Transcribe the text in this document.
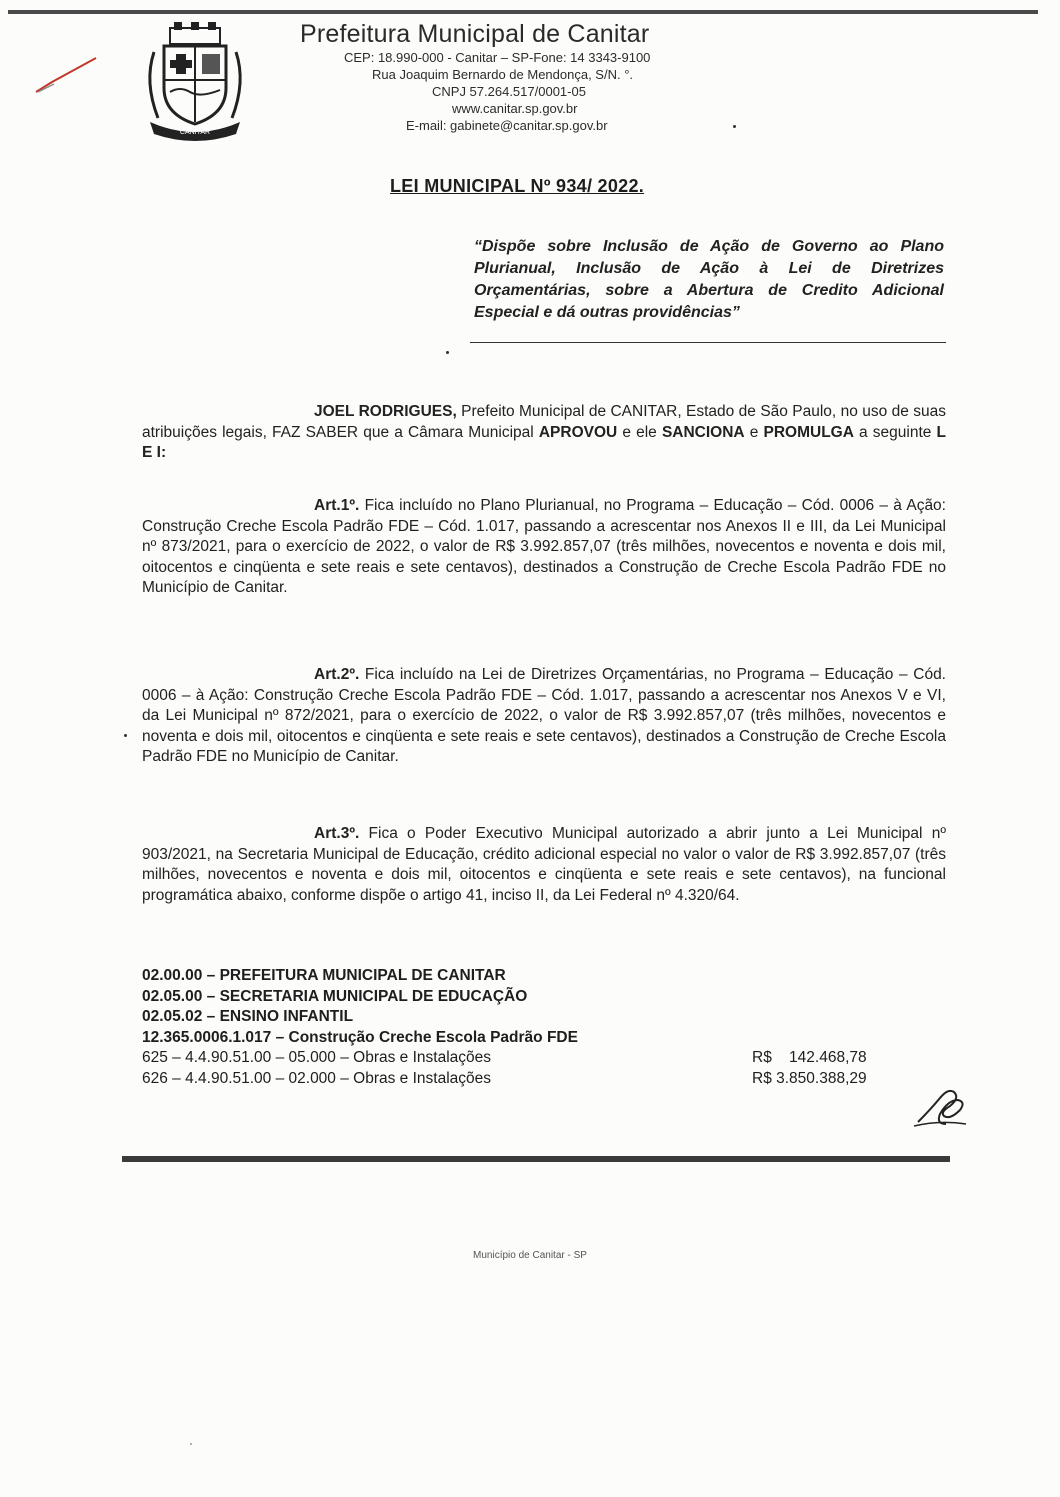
CANITAR
Prefeitura Municipal de Canitar
CEP: 18.990-000 - Canitar – SP-Fone: 14 3343-9100
Rua Joaquim Bernardo de Mendonça, S/N. °.
CNPJ 57.264.517/0001-05
www.canitar.sp.gov.br
E-mail: gabinete@canitar.sp.gov.br
LEI MUNICIPAL Nº 934/ 2022.
“Dispõe sobre Inclusão de Ação de Governo ao Plano Plurianual, Inclusão de Ação à Lei de Diretrizes Orçamentárias, sobre a Abertura de Credito Adicional Especial e dá outras providências”
JOEL RODRIGUES, Prefeito Municipal de CANITAR, Estado de São Paulo, no uso de suas atribuições legais, FAZ SABER que a Câmara Municipal APROVOU e ele SANCIONA e PROMULGA a seguinte L E I:
Art.1º. Fica incluído no Plano Plurianual, no Programa – Educação – Cód. 0006 – à Ação: Construção Creche Escola Padrão FDE – Cód. 1.017, passando a acrescentar nos Anexos II e III, da Lei Municipal nº 873/2021, para o exercício de 2022, o valor de R$ 3.992.857,07 (três milhões, novecentos e noventa e dois mil, oitocentos e cinqüenta e sete reais e sete centavos), destinados a Construção de Creche Escola Padrão FDE no Município de Canitar.
Art.2º. Fica incluído na Lei de Diretrizes Orçamentárias, no Programa – Educação – Cód. 0006 – à Ação: Construção Creche Escola Padrão FDE – Cód. 1.017, passando a acrescentar nos Anexos V e VI, da Lei Municipal nº 872/2021, para o exercício de 2022, o valor de R$ 3.992.857,07 (três milhões, novecentos e noventa e dois mil, oitocentos e cinqüenta e sete reais e sete centavos), destinados a Construção de Creche Escola Padrão FDE no Município de Canitar.
Art.3º. Fica o Poder Executivo Municipal autorizado a abrir junto a Lei Municipal nº 903/2021, na Secretaria Municipal de Educação, crédito adicional especial no valor o valor de R$ 3.992.857,07 (três milhões, novecentos e noventa e dois mil, oitocentos e cinqüenta e sete reais e sete centavos), na funcional programática abaixo, conforme dispõe o artigo 41, inciso II, da Lei Federal nº 4.320/64.
02.00.00 – PREFEITURA MUNICIPAL DE CANITAR
02.05.00 – SECRETARIA MUNICIPAL DE EDUCAÇÃO
02.05.02 – ENSINO INFANTIL
12.365.0006.1.017 – Construção Creche Escola Padrão FDE
625 – 4.4.90.51.00 – 05.000 – Obras e Instalações	R$    142.468,78
626 – 4.4.90.51.00 – 02.000 – Obras e Instalações	R$ 3.850.388,29
Município de Canitar - SP
